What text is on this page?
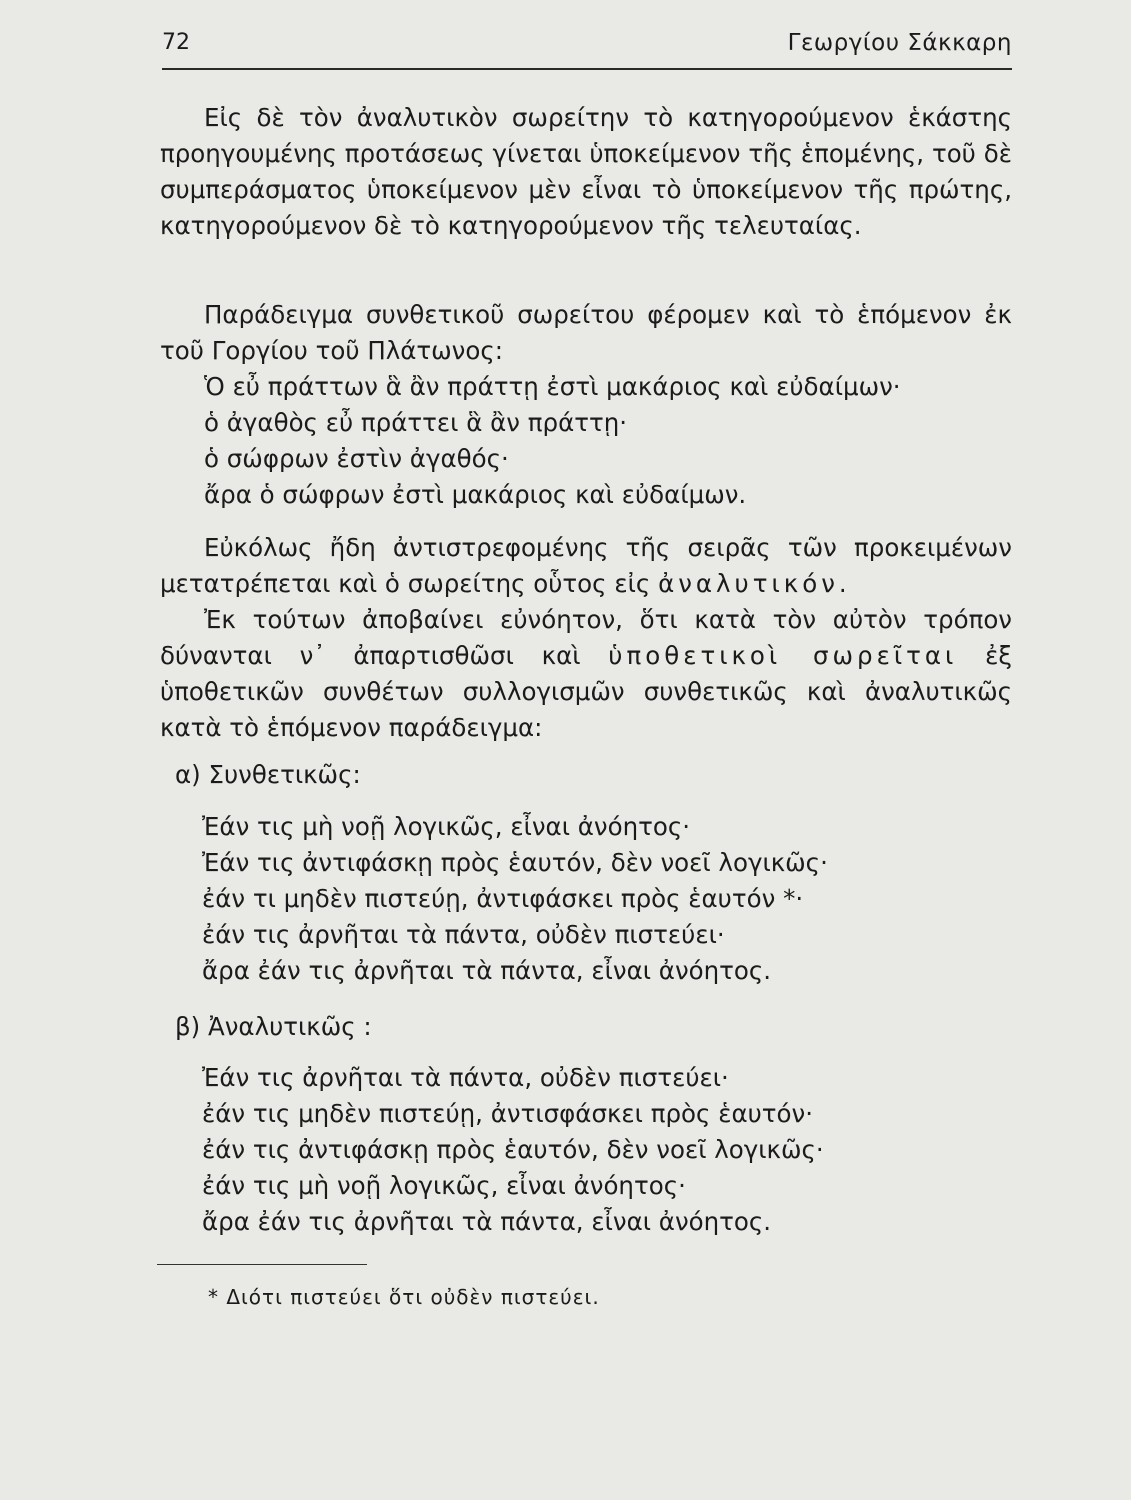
72	Γεωργίου Σάκκαρη

Εἰς δὲ τὸν ἀναλυτικὸν σωρείτην τὸ κατηγορούμενον ἑκάστης προηγουμένης προτάσεως γίνεται ὑποκείμενον τῆς ἑπομένης, τοῦ δὲ συμπεράσματος ὑποκείμενον μὲν εἶναι τὸ ὑποκείμενον τῆς πρώτης, κατηγορούμενον δὲ τὸ κατηγορούμενον τῆς τελευταίας.

Παράδειγμα συνθετικοῦ σωρείτου φέρομεν καὶ τὸ ἑπόμενον ἐκ τοῦ Γοργίου τοῦ Πλάτωνος:

Ὁ εὖ πράττων ἃ ἂν πράττῃ ἐστὶ μακάριος καὶ εὐδαίμων·
ὁ ἀγαθὸς εὖ πράττει ἃ ἂν πράττῃ·
ὁ σώφρων ἐστὶν ἀγαθός·
ἄρα ὁ σώφρων ἐστὶ μακάριος καὶ εὐδαίμων.

Εὐκόλως ἤδη ἀντιστρεφομένης τῆς σειρᾶς τῶν προκειμένων μετατρέπεται καὶ ὁ σωρείτης οὗτος εἰς ἀναλυτικόν.

Ἐκ τούτων ἀποβαίνει εὐνόητον, ὅτι κατὰ τὸν αὐτὸν τρόπον δύνανται ν᾽ ἀπαρτισθῶσι καὶ ὑποθετικοὶ σωρεῖται ἐξ ὑποθετικῶν συνθέτων συλλογισμῶν συνθετικῶς καὶ ἀναλυτικῶς κατὰ τὸ ἑπόμενον παράδειγμα:

α) Συνθετικῶς:
Ἐάν τις μὴ νοῇ λογικῶς, εἶναι ἀνόητος·
Ἐάν τις ἀντιφάσκῃ πρὸς ἑαυτόν, δὲν νοεῖ λογικῶς·
ἐάν τι μηδὲν πιστεύῃ, ἀντιφάσκει πρὸς ἑαυτόν *·
ἐάν τις ἀρνῆται τὰ πάντα, οὐδὲν πιστεύει·
ἄρα ἐάν τις ἀρνῆται τὰ πάντα, εἶναι ἀνόητος.
β) Ἀναλυτικῶς :
Ἐάν τις ἀρνῆται τὰ πάντα, οὐδὲν πιστεύει·
ἐάν τις μηδὲν πιστεύῃ, ἀντισφάσκει πρὸς ἑαυτόν·
ἐάν τις ἀντιφάσκῃ πρὸς ἑαυτόν, δὲν νοεῖ λογικῶς·
ἐάν τις μὴ νοῇ λογικῶς, εἶναι ἀνόητος·
ἄρα ἐάν τις ἀρνῆται τὰ πάντα, εἶναι ἀνόητος.
* Διότι πιστεύει ὅτι οὐδὲν πιστεύει.
